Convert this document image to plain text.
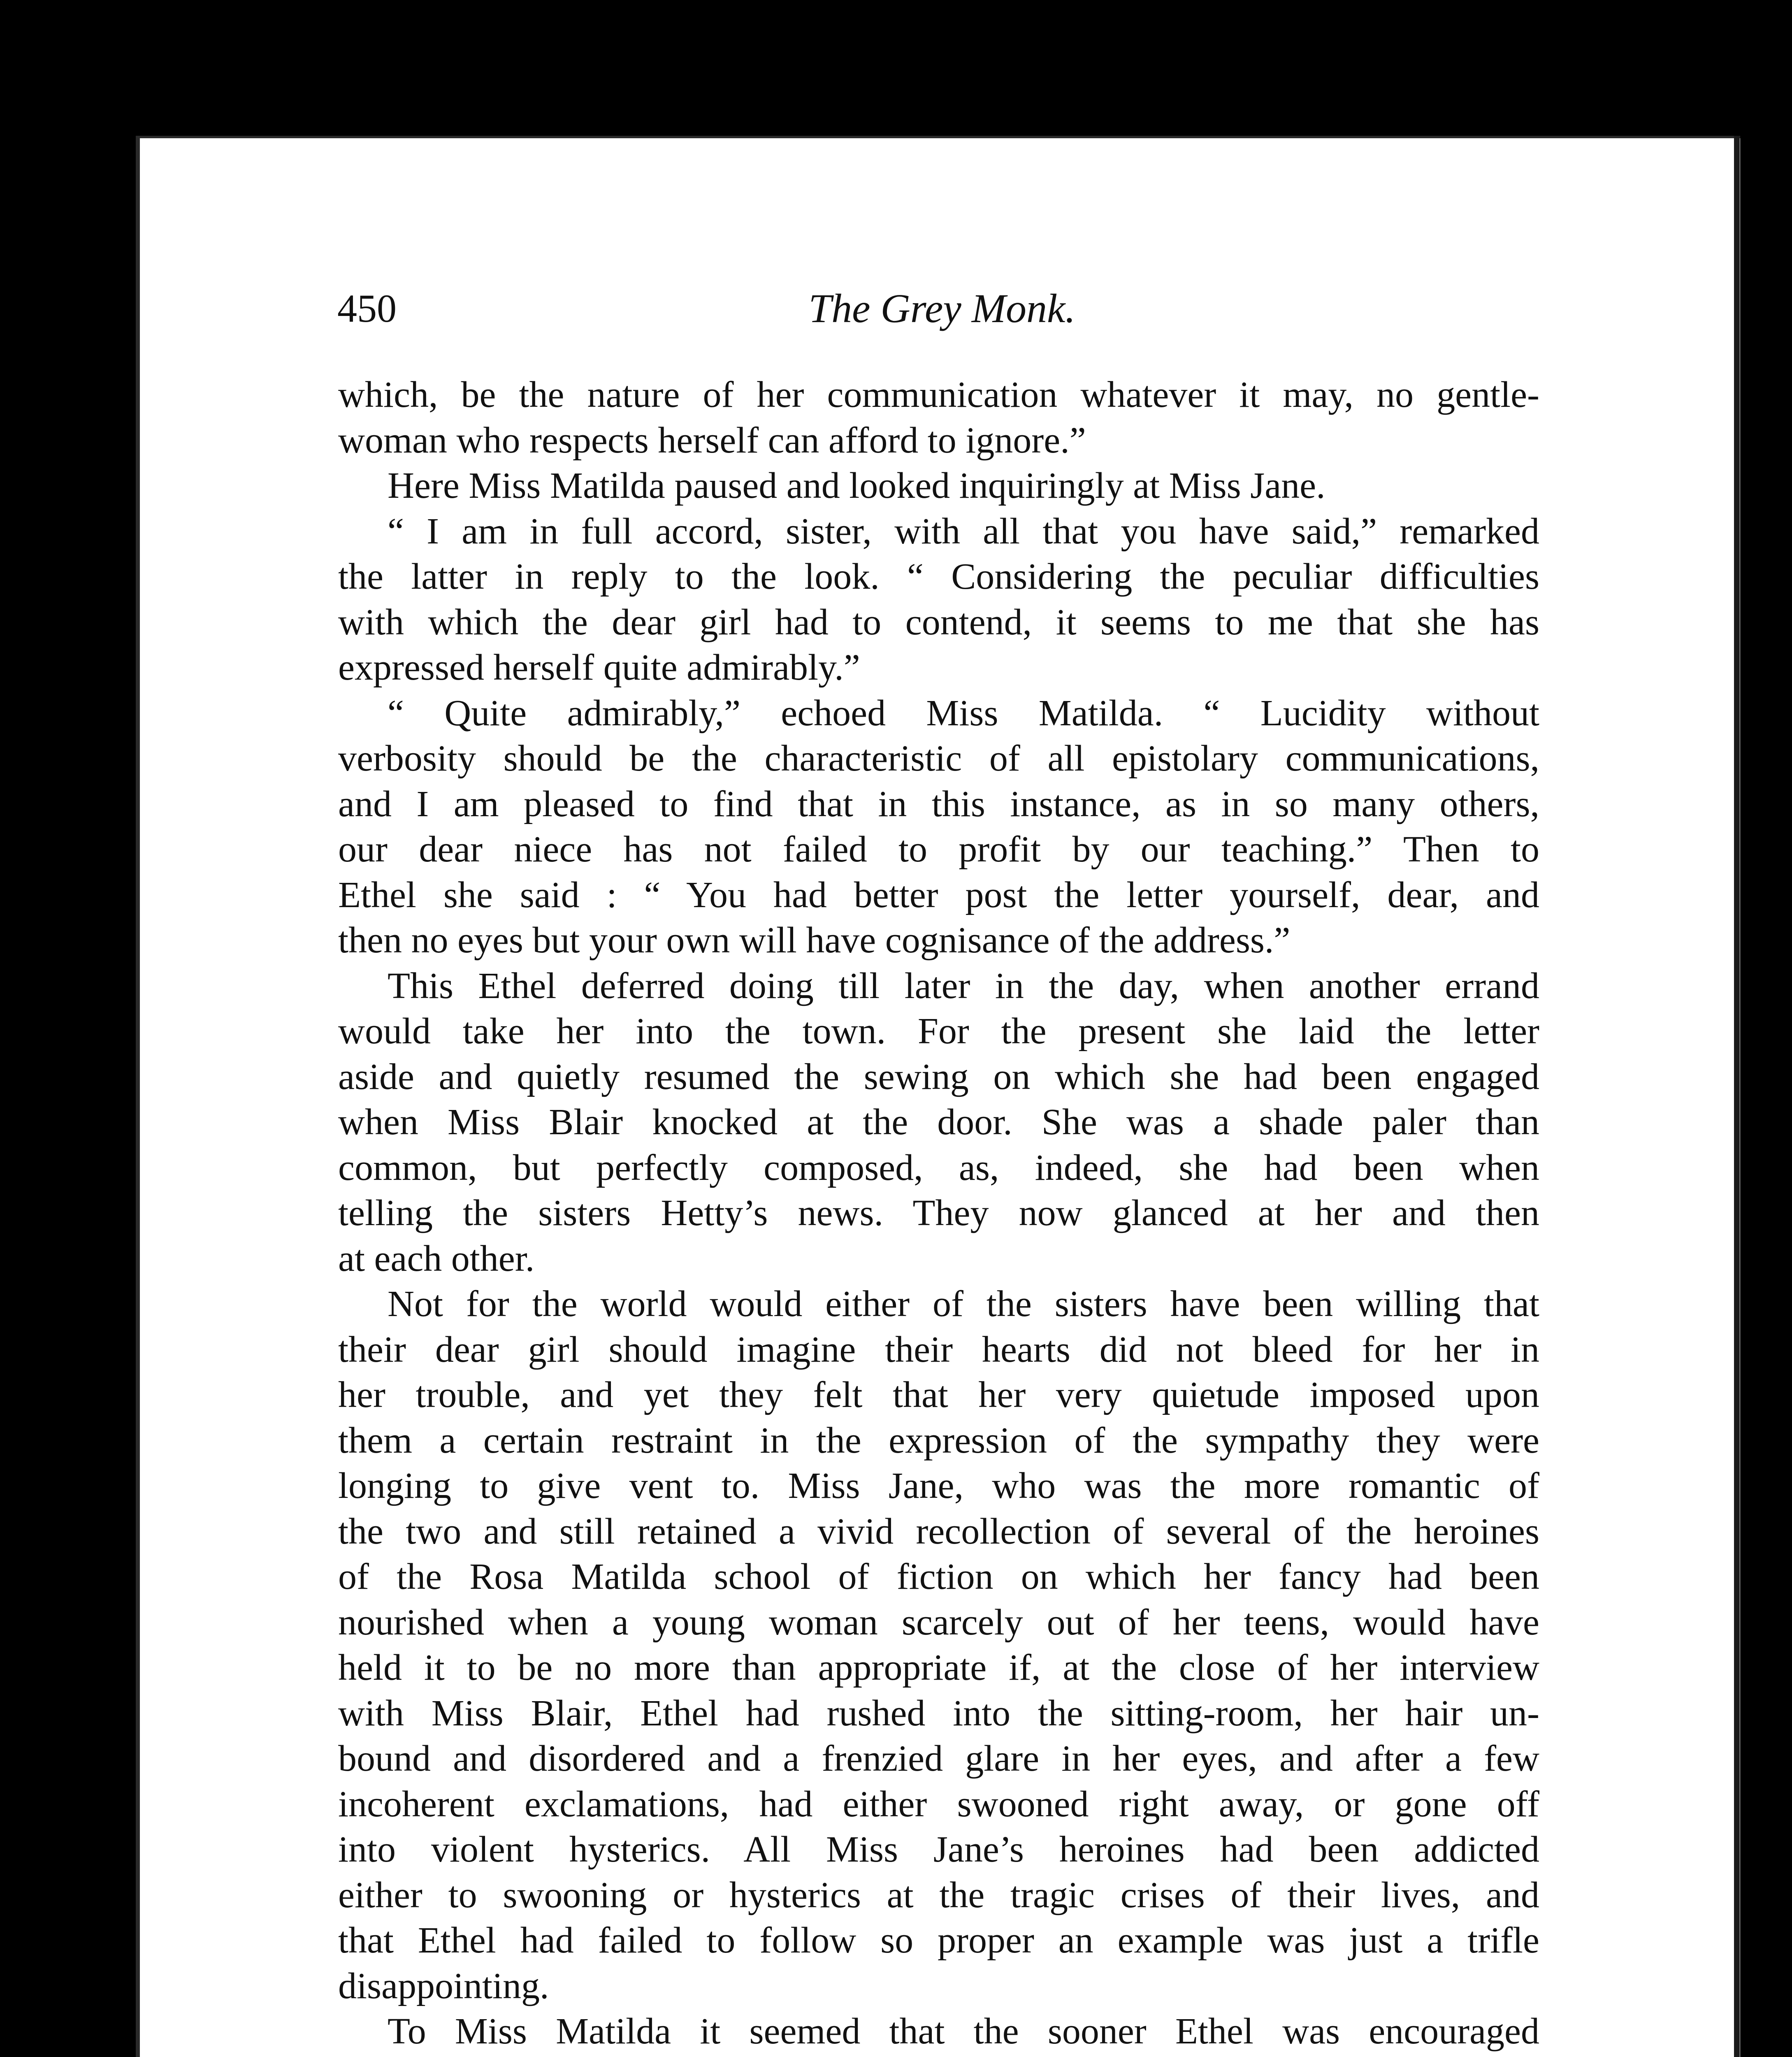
450	The Grey Monk.
which, be the nature of her communication whatever it may, no gentle-
woman who respects herself can afford to ignore.”
Here Miss Matilda paused and looked inquiringly at Miss Jane.
“ I am in full accord, sister, with all that you have said,” remarked
the latter in reply to the look. “ Considering the peculiar difficulties
with which the dear girl had to contend, it seems to me that she has
expressed herself quite admirably.”
“ Quite admirably,” echoed Miss Matilda. “ Lucidity without
verbosity should be the characteristic of all epistolary communications,
and I am pleased to find that in this instance, as in so many others,
our dear niece has not failed to profit by our teaching.” Then to
Ethel she said : “ You had better post the letter yourself, dear, and
then no eyes but your own will have cognisance of the address.”
This Ethel deferred doing till later in the day, when another errand
would take her into the town. For the present she laid the letter
aside and quietly resumed the sewing on which she had been engaged
when Miss Blair knocked at the door. She was a shade paler than
common, but perfectly composed, as, indeed, she had been when
telling the sisters Hetty’s news. They now glanced at her and then
at each other.
Not for the world would either of the sisters have been willing that
their dear girl should imagine their hearts did not bleed for her in
her trouble, and yet they felt that her very quietude imposed upon
them a certain restraint in the expression of the sympathy they were
longing to give vent to. Miss Jane, who was the more romantic of
the two and still retained a vivid recollection of several of the heroines
of the Rosa Matilda school of fiction on which her fancy had been
nourished when a young woman scarcely out of her teens, would have
held it to be no more than appropriate if, at the close of her interview
with Miss Blair, Ethel had rushed into the sitting-room, her hair un-
bound and disordered and a frenzied glare in her eyes, and after a few
incoherent exclamations, had either swooned right away, or gone off
into violent hysterics. All Miss Jane’s heroines had been addicted
either to swooning or hysterics at the tragic crises of their lives, and
that Ethel had failed to follow so proper an example was just a trifle
disappointing.
To Miss Matilda it seemed that the sooner Ethel was encouraged
